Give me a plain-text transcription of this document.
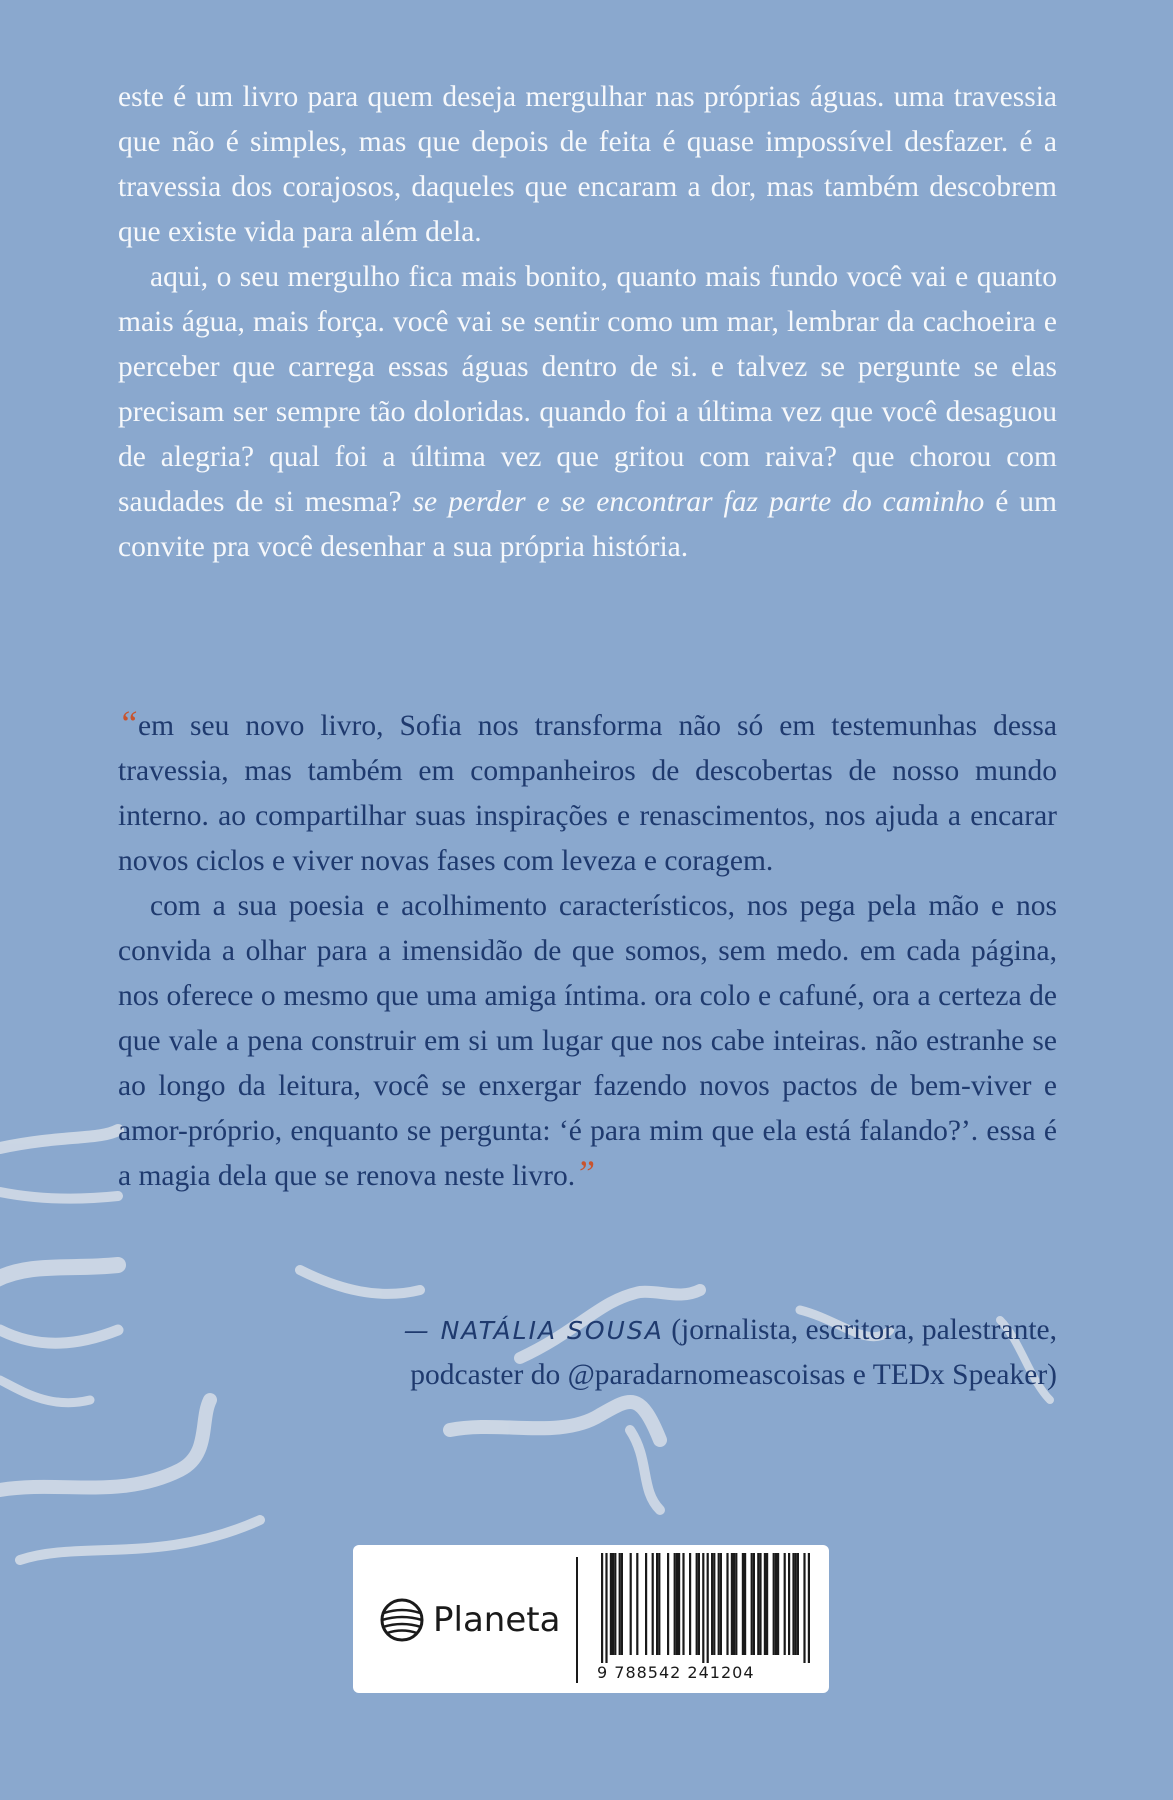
este é um livro para quem deseja mergulhar nas próprias águas. uma travessia que não é simples, mas que depois de feita é quase impossível desfazer. é a travessia dos corajosos, daqueles que encaram a dor, mas também descobrem que existe vida para além dela.

aqui, o seu mergulho fica mais bonito, quanto mais fundo você vai e quanto mais água, mais força. você vai se sentir como um mar, lembrar da cachoeira e perceber que carrega essas águas dentro de si. e talvez se pergunte se elas precisam ser sempre tão doloridas. quando foi a última vez que você desaguou de alegria? qual foi a última vez que gritou com raiva? que chorou com saudades de si mesma? se perder e se encontrar faz parte do caminho é um convite pra você desenhar a sua própria história.

“em seu novo livro, Sofia nos transforma não só em testemunhas dessa travessia, mas também em companheiros de descobertas de nosso mundo interno. ao compartilhar suas inspirações e renascimentos, nos ajuda a encarar novos ciclos e viver novas fases com leveza e coragem.

com a sua poesia e acolhimento característicos, nos pega pela mão e nos convida a olhar para a imensidão de que somos, sem medo. em cada página, nos oferece o mesmo que uma amiga íntima. ora colo e cafuné, ora a certeza de que vale a pena construir em si um lugar que nos cabe inteiras. não estranhe se ao longo da leitura, você se enxergar fazendo novos pactos de bem-viver e amor-próprio, enquanto se pergunta: ‘é para mim que ela está falando?’. essa é a magia dela que se renova neste livro.”

— NATÁLIA SOUSA (jornalista, escritora, palestrante,
podcaster do @paradarnomeascoisas e TEDx Speaker)
Planeta
9 788542 241204
